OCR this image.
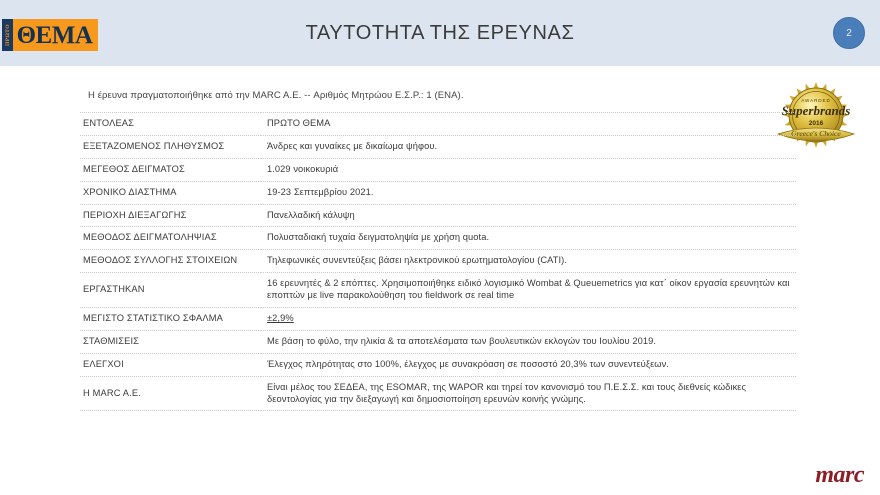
ΤΑΥΤΟΤΗΤΑ ΤΗΣ ΕΡΕΥΝΑΣ
ΠΡΩΤΟ ΘΕΜΑ	2
Η έρευνα πραγματοποιήθηκε από την MARC A.E. -- Αριθμός Μητρώου Ε.Σ.Ρ.: 1 (ΕΝΑ).	AWARDED
Superbrands
2016
Greece's Choice
ΕΝΤΟΛΕΑΣ	ΠΡΩΤΟ ΘΕΜΑ
ΕΞΕΤΑΖΟΜΕΝΟΣ ΠΛΗΘΥΣΜΟΣ	Άνδρες και γυναίκες με δικαίωμα ψήφου.
ΜΕΓΕΘΟΣ ΔΕΙΓΜΑΤΟΣ	1.029 νοικοκυριά
ΧΡΟΝΙΚΟ ΔΙΑΣΤΗΜΑ	19-23 Σεπτεμβρίου 2021.
ΠΕΡΙΟΧΗ ΔΙΕΞΑΓΩΓΗΣ	Πανελλαδική κάλυψη
ΜΕΘΟΔΟΣ ΔΕΙΓΜΑΤΟΛΗΨΙΑΣ	Πολυσταδιακή τυχαία δειγματοληψία με χρήση quota.
ΜΕΘΟΔΟΣ ΣΥΛΛΟΓΗΣ ΣΤΟΙΧΕΙΩΝ	Τηλεφωνικές συνεντεύξεις βάσει ηλεκτρονικού ερωτηματολογίου (CATI).
ΕΡΓΑΣΤΗΚΑΝ	16 ερευνητές & 2 επόπτες. Χρησιμοποιήθηκε ειδικό λογισμικό Wombat & Queuemetrics για κατ΄ οίκον εργασία ερευνητών και εποπτών με live παρακολούθηση του fieldwork σε real time
ΜΕΓΙΣΤΟ ΣΤΑΤΙΣΤΙΚΟ ΣΦΑΛΜΑ	±2,9%
ΣΤΑΘΜΙΣΕΙΣ	Με βάση το φύλο, την ηλικία & τα αποτελέσματα των βουλευτικών εκλογών του Ιουλίου 2019.
ΕΛΕΓΧΟΙ	Έλεγχος πληρότητας στο 100%, έλεγχος με συνακρόαση σε ποσοστό 20,3% των συνεντεύξεων.
Η MARC A.E.	Είναι μέλος του ΣΕΔΕΑ, της ESOMAR, της WAPOR και τηρεί τον κανονισμό του Π.Ε.Σ.Σ. και τους διεθνείς κώδικες δεοντολογίας για την διεξαγωγή και δημοσιοποίηση ερευνών κοινής γνώμης.
marc
